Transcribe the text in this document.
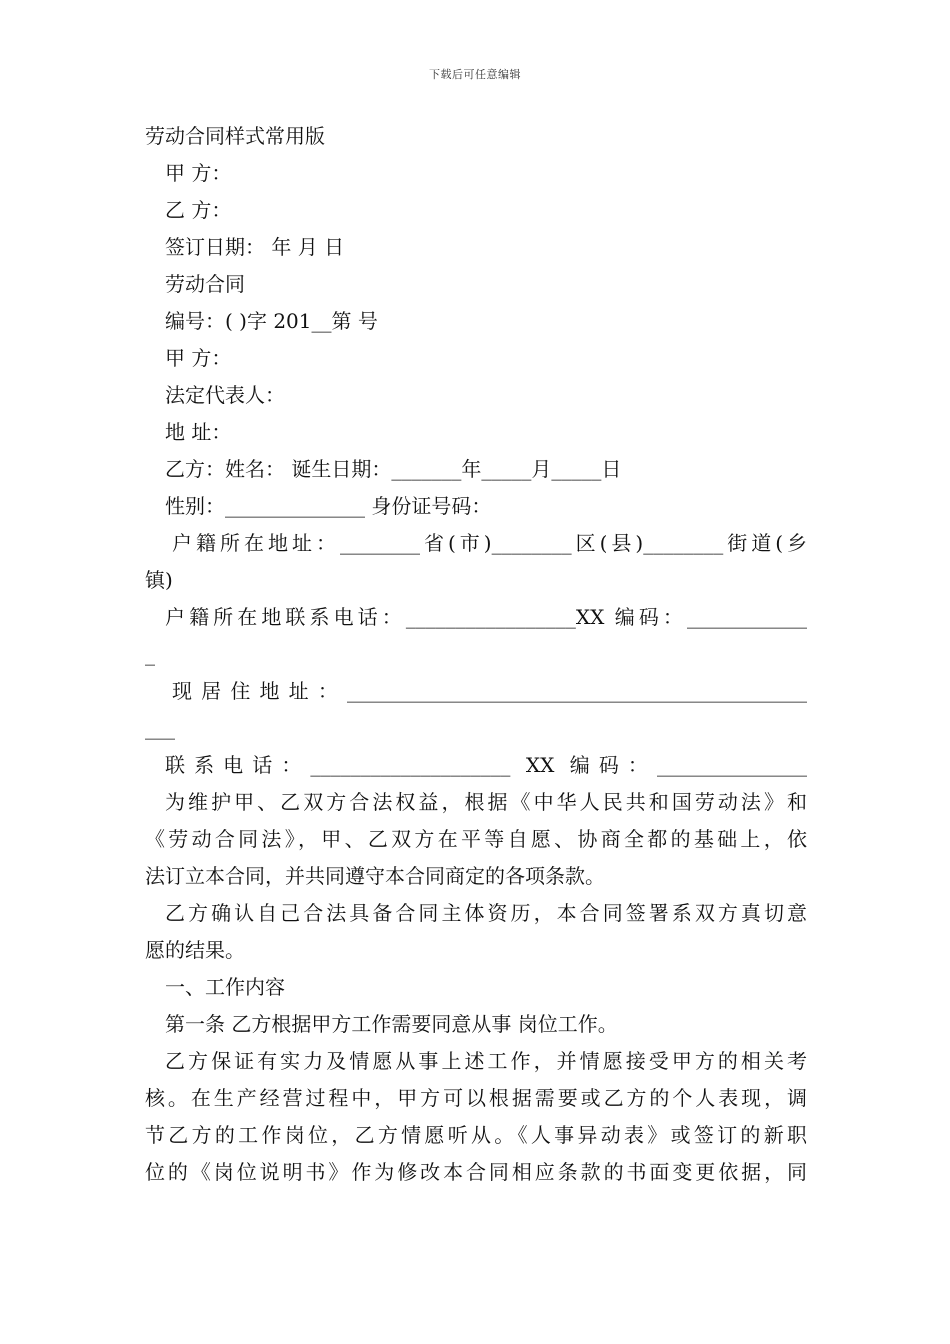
下载后可任意编辑
劳动合同样式常用版
甲 方：
乙 方：
签订日期： 年 月 日
劳动合同
编号：( )字 201__第 号
甲 方：
法定代表人：
地 址：
乙方：姓名： 诞生日期：_______年_____月_____日
性别：______________ 身份证号码：
户籍所在地址：________省(市)________区(县)________街道(乡
镇)
户籍所在地联系电话：_________________XX 编码：____________
_
现居住地址：______________________________________________
___
联系电话：____________________ XX 编码：_______________
为维护甲、乙双方合法权益，根据《中华人民共和国劳动法》和
《劳动合同法》，甲、乙双方在平等自愿、协商全都的基础上，依
法订立本合同，并共同遵守本合同商定的各项条款。
乙方确认自己合法具备合同主体资历，本合同签署系双方真切意
愿的结果。
一、工作内容
第一条 乙方根据甲方工作需要同意从事 岗位工作。
乙方保证有实力及情愿从事上述工作，并情愿接受甲方的相关考
核。在生产经营过程中，甲方可以根据需要或乙方的个人表现，调
节乙方的工作岗位，乙方情愿听从。《人事异动表》或签订的新职
位的《岗位说明书》作为修改本合同相应条款的书面变更依据，同
